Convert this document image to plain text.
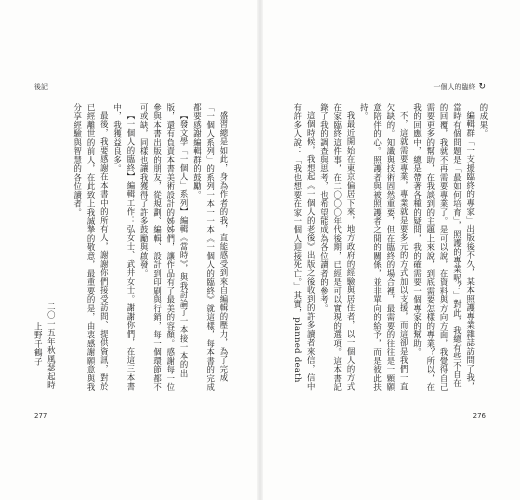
後記

盛習總是如此，身為作者的我，直能感受到來自編輯的壓力，為了完成「一個人系列」的系列一本一一本《一個人的臨終》就這樣，每本書的完成都要感謝編輯群的鼓勵。

【發文學「一個人」系列】編輯《當時》，與我討論了一本接一本的出版，還有負責本書美術設計的姊姊們，讓作品有了最美的容顏。感謝每一位參與本書出版的朋友，從規劃、編輯、設計到印刷與行銷，每一個環節都不可或缺，同樣也讓我獲得了許多鼓勵與啟發。

【一個人的臨終】編輯工作：弘女士、武井女士。謝謝你們，在這三本書中，我獲益良多。

最後，我要感謝在本書中的所有人，謝謝你們接受訪問、提供資訊，對於已經離世的前人，在此致上我誠摯的敬意，最重要的是，由衷感謝願意與我分享經驗與智慧的各位讀者。

二〇一五年秋風瑟起時
上野千鶴子
277
一個人的臨終 ↻

的成果。

編輯群「一支援臨終的專家」出版後不久，某本照護專業雜誌訪問了我，當時有個問題是「最如何培育」，照護的專業呢？」對此，我總有些不自在的回覆，我就不再需要專業了。是可以說，在資料與方向方面，我覺得自己需要更多的幫助，在我談到的主題上來說，到底需要怎樣的專業？所以，在我的回應中，總是帶著各種的疑問，我的確需要一個專家的幫助。

不，這就需要專業，專業就是要多元的方式加以支援，而這卻是我們一直欠缺的。知識與技術固然重要，但在臨終的場合裡，最需要的往往是一顆願意陪伴的心。照護者與被照護者之間的關係，並非單向的給予，而是彼此扶持。

我最近開始在東京偏居下來，地方政府的經驗與居住者，以一個人的方式在家臨終這件事，在二〇〇〇年代後期，已經是可以實現的選項。這本書記錄了我的調查與思考，也希望能成為各位讀者的參考。

這個時候，我想起《一個人的老後》出版之後收到的許多讀者來信，信中有許多人說：「我也想要在家一個人迎接死亡。」其實，planned death

276
